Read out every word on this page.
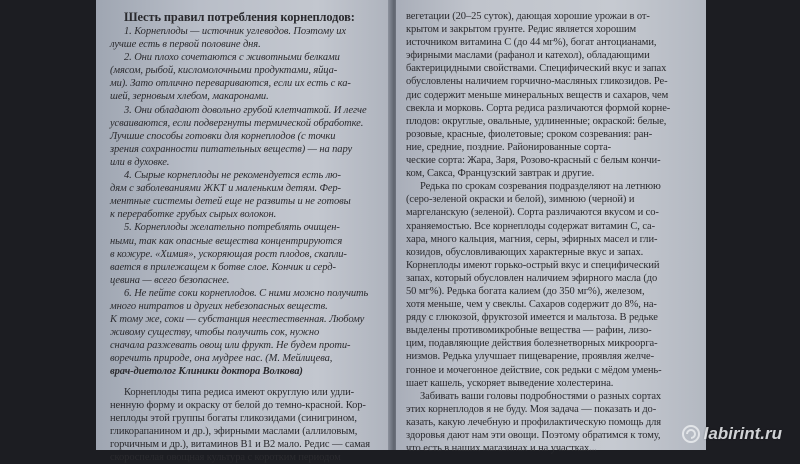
Шесть правил потребления корнеплодов:
1. Корнеплоды — источник углеводов. Поэтому их
лучше есть в первой половине дня.
2. Они плохо сочетаются с животными белками
(мясом, рыбой, кисломолочными продуктами, яйца-
ми). Зато отлично перевариваются, если их есть с ка-
шей, зерновым хлебом, макаронами.
3. Они обладают довольно грубой клетчаткой. И легче
усваиваются, если подвергнуты термической обработке.
Лучшие способы готовки для корнеплодов (с точки
зрения сохранности питательных веществ) — на пару
или в духовке.
4. Сырые корнеплоды не рекомендуется есть лю-
дям с заболеваниями ЖКТ и маленьким детям. Фер-
ментные системы детей еще не развиты и не готовы
к переработке грубых сырых волокон.
5. Корнеплоды желательно потреблять очищен-
ными, так как опасные вещества концентрируются
в кожуре. «Химия», ускоряющая рост плодов, скапли-
вается в прилежащем к ботве слое. Кончик и серд-
цевина — всего безопаснее.
6. Не пейте соки корнеплодов. С ними можно получить
много нитратов и других небезопасных веществ.
К тому же, соки — субстанция неестественная. Любому
живому существу, чтобы получить сок, нужно
сначала разжевать овощ или фрукт. Не будем проти-
воречить природе, она мудрее нас. (М. Мейлицева,
врач-диетолог Клиники доктора Волкова)
Корнеплоды типа редиса имеют округлую или удли-
ненную форму и окраску от белой до темно-красной. Кор-
неплоды этой группы богаты гликозидами (синигрином,
гликорапанином и др.), эфирными маслами (аллиловым,
горчичным и др.), витаминов B1 и B2 мало. Редис — самая
скороспелая овощная культура с коротким периодом
вегетации (20–25 суток), дающая хорошие урожаи в от-
крытом и закрытом грунте. Редис является хорошим
источником витамина С (до 44 мг%), богат антоцианами,
эфирными маслами (рафанол и катехол), обладающими
бактерицидными свойствами. Специфический вкус и запах
обусловлены наличием горчично-масляных гликозидов. Ре-
дис содержит меньше минеральных веществ и сахаров, чем
свекла и морковь. Сорта редиса различаются формой корне-
плодов: округлые, овальные, удлиненные; окраской: белые,
розовые, красные, фиолетовые; сроком созревания: ран-
ние, средние, поздние. Районированные сорта-
ческие сорта: Жара, Заря, Розово-красный с белым кончи-
ком, Сакса, Французский завтрак и другие.
Редька по срокам созревания подразделяют на летнюю
(серо-зеленой окраски и белой), зимнюю (черной) и
маргеланскую (зеленой). Сорта различаются вкусом и со-
храняемостью. Все корнеплоды содержат витамин С, са-
хара, много кальция, магния, серы, эфирных масел и гли-
козидов, обусловливающих характерные вкус и запах.
Корнеплоды имеют горько-острый вкус и специфический
запах, который обусловлен наличием эфирного масла (до
50 мг%). Редька богата калием (до 350 мг%), железом,
хотя меньше, чем у свеклы. Сахаров содержит до 8%, на-
ряду с глюкозой, фруктозой имеется и мальтоза. В редьке
выделены противомикробные вещества — рафин, лизо-
цим, подавляющие действия болезнетворных микроорга-
низмов. Редька улучшает пищеварение, проявляя желче-
гонное и мочегонное действие, сок редьки с мёдом умень-
шает кашель, ускоряет выведение холестерина.
Забивать ваши головы подробностями о разных сортах
этих корнеплодов я не буду. Моя задача — показать и до-
казать, какую лечебную и профилактическую помощь для
здоровья дают нам эти овощи. Поэтому обратимся к тому,
что есть в наших магазинах и на участках...
labirint.ru
